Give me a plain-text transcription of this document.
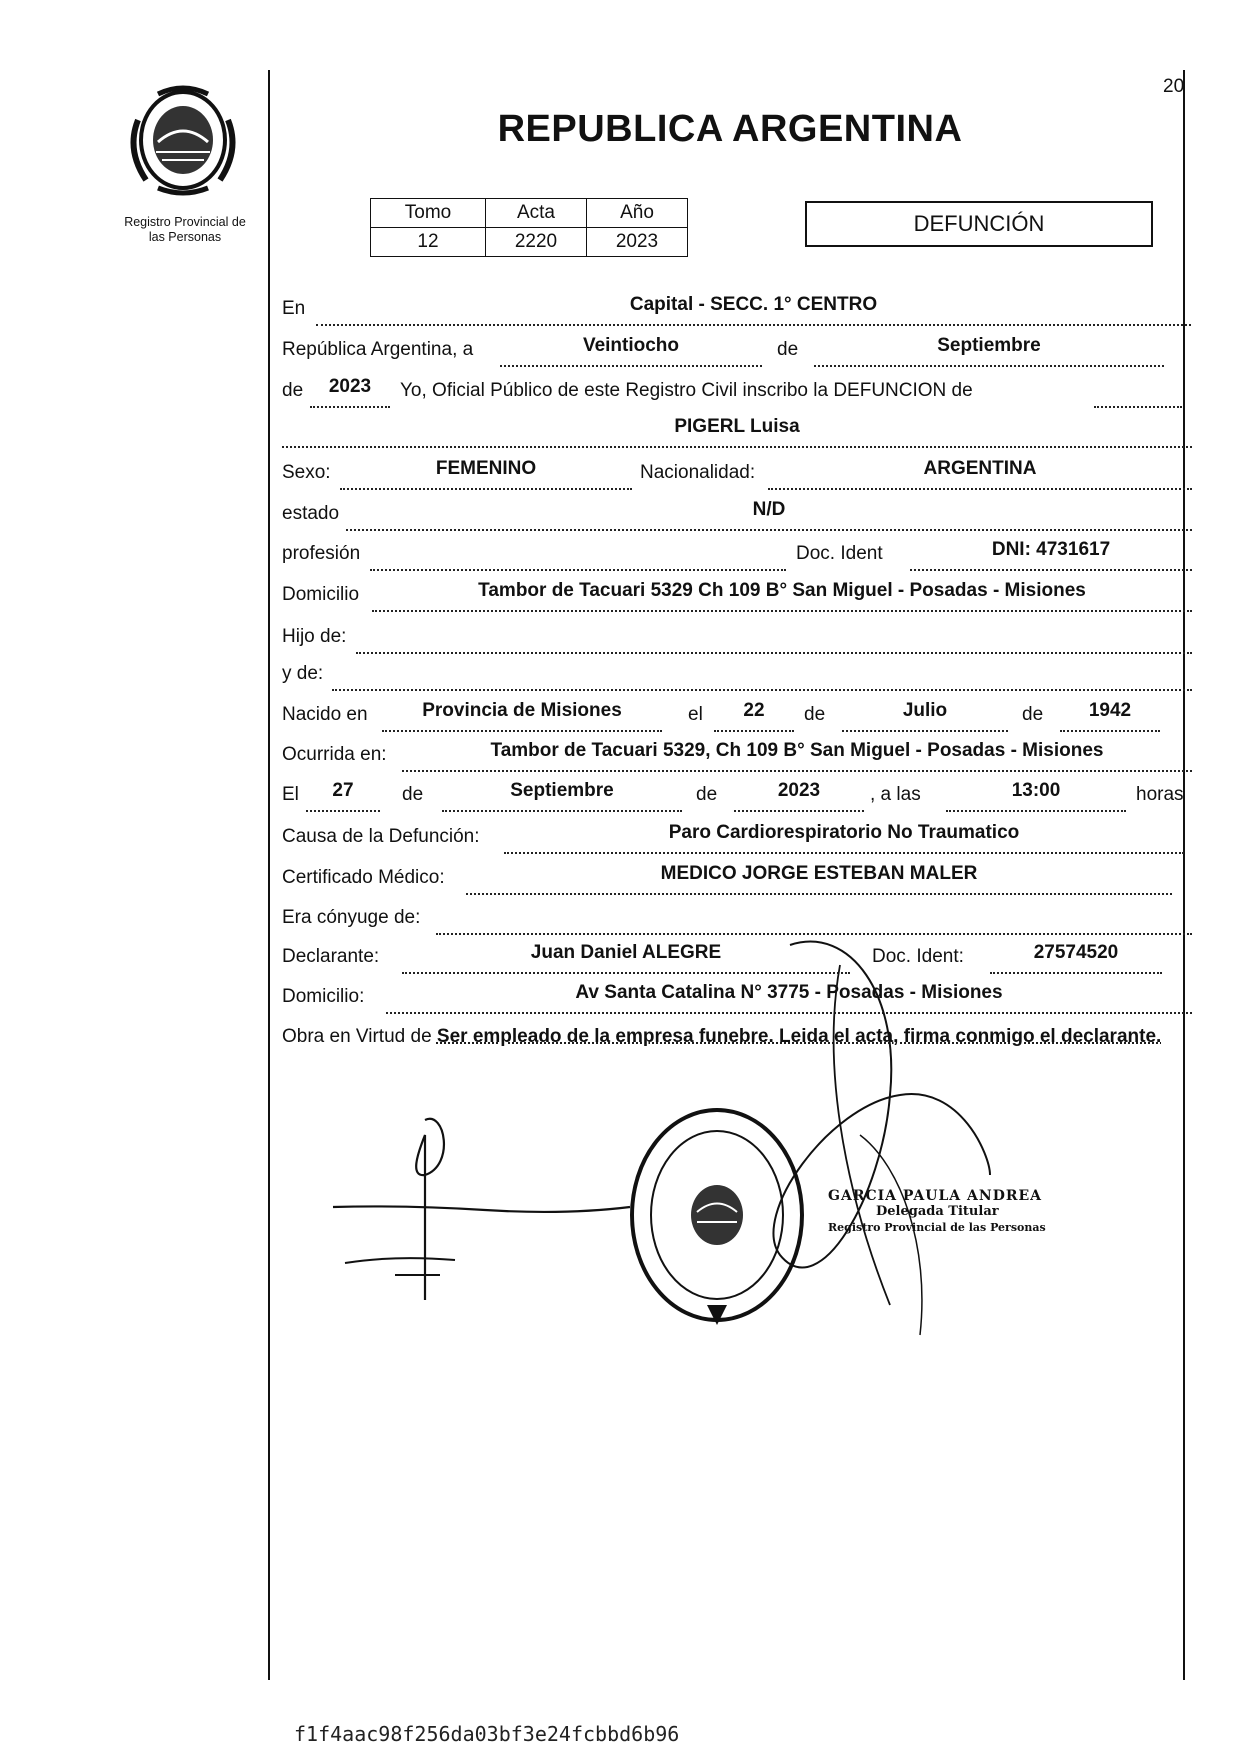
20
Registro Provincial de
las Personas
REPUBLICA ARGENTINA
Tomo	Acta	Año
12	2220	2023
DEFUNCIÓN
En	Capital - SECC. 1° CENTRO
República Argentina, a	Veintiocho	de	Septiembre
de	2023	Yo, Oficial Público de este Registro Civil inscribo la DEFUNCION de
PIGERL Luisa
Sexo:	FEMENINO	Nacionalidad:	ARGENTINA
estado	N/D
profesión	Doc. Ident	DNI: 4731617
Domicilio	Tambor de Tacuari 5329 Ch 109 B° San Miguel - Posadas - Misiones
Hijo de:
y de:
Nacido en	Provincia de Misiones	el	22	de	Julio	de	1942
Ocurrida en:	Tambor de Tacuari 5329, Ch 109 B° San Miguel - Posadas - Misiones
El	27	de	Septiembre	de	2023	, a las	13:00	horas
Causa de la Defunción:	Paro Cardiorespiratorio No Traumatico
Certificado Médico:	MEDICO JORGE ESTEBAN MALER
Era cónyuge de:
Declarante:	Juan Daniel ALEGRE	Doc. Ident:	27574520
Domicilio:	Av Santa Catalina N° 3775 - Posadas - Misiones
Obra en Virtud de Ser empleado de la empresa funebre. Leida el acta, firma conmigo el declarante.
GARCIA PAULA ANDREA
Delegada Titular
Registro Provincial de las Personas
f1f4aac98f256da03bf3e24fcbbd6b96
